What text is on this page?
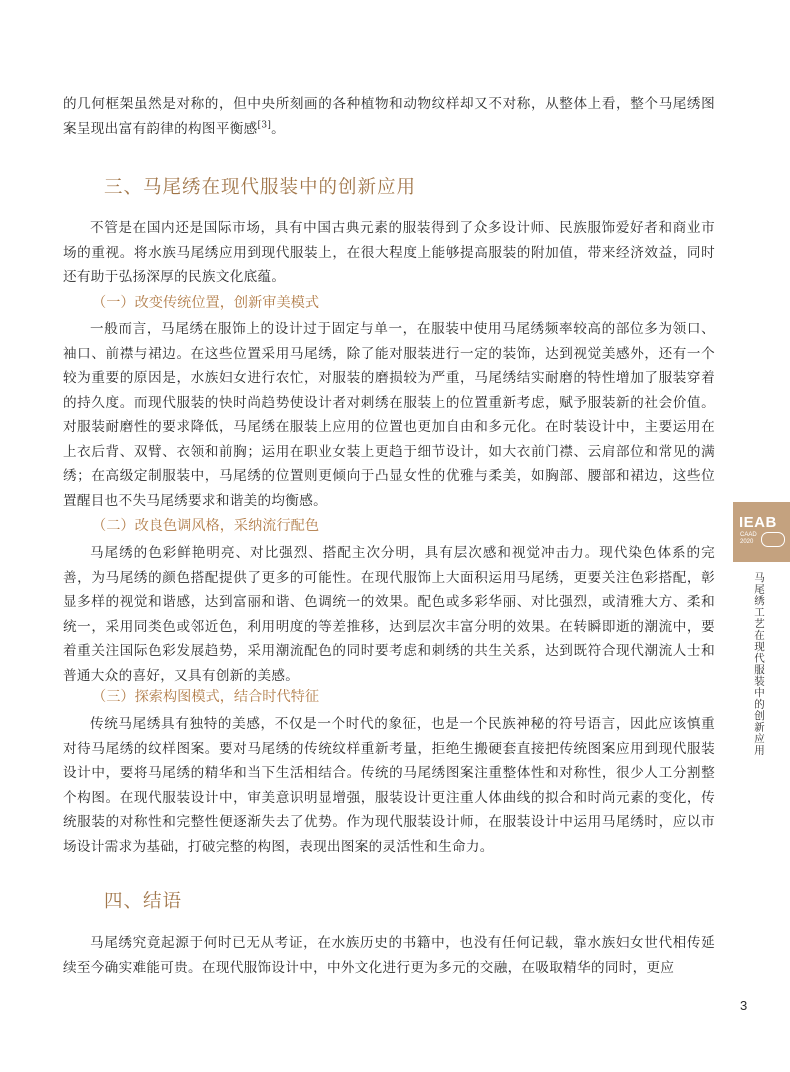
的几何框架虽然是对称的，但中央所刻画的各种植物和动物纹样却又不对称，从整体上看，整个马尾绣图案呈现出富有韵律的构图平衡感[3]。

三、马尾绣在现代服装中的创新应用

不管是在国内还是国际市场，具有中国古典元素的服装得到了众多设计师、民族服饰爱好者和商业市场的重视。将水族马尾绣应用到现代服装上，在很大程度上能够提高服装的附加值，带来经济效益，同时还有助于弘扬深厚的民族文化底蕴。

（一）改变传统位置，创新审美模式

一般而言，马尾绣在服饰上的设计过于固定与单一，在服装中使用马尾绣频率较高的部位多为领口、袖口、前襟与裙边。在这些位置采用马尾绣，除了能对服装进行一定的装饰，达到视觉美感外，还有一个较为重要的原因是，水族妇女进行农忙，对服装的磨损较为严重，马尾绣结实耐磨的特性增加了服装穿着的持久度。而现代服装的快时尚趋势使设计者对刺绣在服装上的位置重新考虑，赋予服装新的社会价值。对服装耐磨性的要求降低，马尾绣在服装上应用的位置也更加自由和多元化。在时装设计中，主要运用在上衣后背、双臂、衣领和前胸；运用在职业女装上更趋于细节设计，如大衣前门襟、云肩部位和常见的满绣；在高级定制服装中，马尾绣的位置则更倾向于凸显女性的优雅与柔美，如胸部、腰部和裙边，这些位置醒目也不失马尾绣要求和谐美的均衡感。

（二）改良色调风格，采纳流行配色

马尾绣的色彩鲜艳明亮、对比强烈、搭配主次分明，具有层次感和视觉冲击力。现代染色体系的完善，为马尾绣的颜色搭配提供了更多的可能性。在现代服饰上大面积运用马尾绣，更要关注色彩搭配，彰显多样的视觉和谐感，达到富丽和谐、色调统一的效果。配色或多彩华丽、对比强烈，或清雅大方、柔和统一，采用同类色或邻近色，利用明度的等差推移，达到层次丰富分明的效果。在转瞬即逝的潮流中，要着重关注国际色彩发展趋势，采用潮流配色的同时要考虑和刺绣的共生关系，达到既符合现代潮流人士和普通大众的喜好，又具有创新的美感。

（三）探索构图模式，结合时代特征

传统马尾绣具有独特的美感，不仅是一个时代的象征，也是一个民族神秘的符号语言，因此应该慎重对待马尾绣的纹样图案。要对马尾绣的传统纹样重新考量，拒绝生搬硬套直接把传统图案应用到现代服装设计中，要将马尾绣的精华和当下生活相结合。传统的马尾绣图案注重整体性和对称性，很少人工分割整个构图。在现代服装设计中，审美意识明显增强，服装设计更注重人体曲线的拟合和时尚元素的变化，传统服装的对称性和完整性便逐渐失去了优势。作为现代服装设计师，在服装设计中运用马尾绣时，应以市场设计需求为基础，打破完整的构图，表现出图案的灵活性和生命力。

四、结语

马尾绣究竟起源于何时已无从考证，在水族历史的书籍中，也没有任何记载，靠水族妇女世代相传延续至今确实难能可贵。在现代服饰设计中，中外文化进行更为多元的交融，在吸取精华的同时，更应

IEAB
CAAD
2020
马尾绣工艺在现代服装中的创新应用
3
